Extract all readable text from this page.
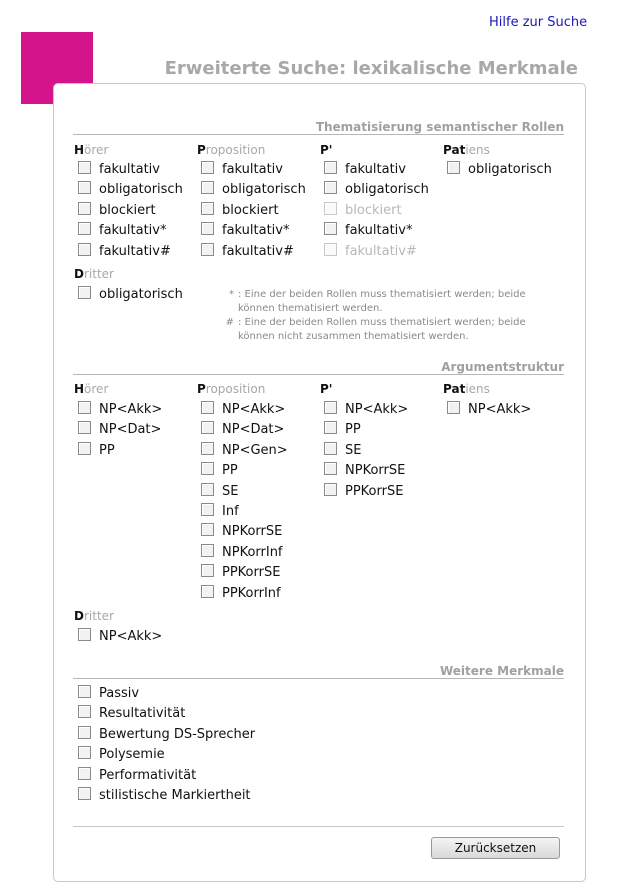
Hilfe zur Suche
Erweiterte Suche: lexikalische Merkmale
Thematisierung semantischer Rollen
Hörer
fakultativ
obligatorisch
blockiert
fakultativ*
fakultativ#
Proposition
fakultativ
obligatorisch
blockiert
fakultativ*
fakultativ#
P'
fakultativ
obligatorisch
blockiert
fakultativ*
fakultativ#
Patiens
obligatorisch
Dritter
obligatorisch	* : Eine der beiden Rollen muss thematisiert werden; beide können thematisiert werden.
# : Eine der beiden Rollen muss thematisiert werden; beide können nicht zusammen thematisiert werden.
Argumentstruktur
Hörer
NP<Akk>
NP<Dat>
PP
Proposition
NP<Akk>
NP<Dat>
NP<Gen>
PP
SE
Inf
NPKorrSE
NPKorrInf
PPKorrSE
PPKorrInf
P'
NP<Akk>
PP
SE
NPKorrSE
PPKorrSE
Patiens
NP<Akk>
Dritter
NP<Akk>
Weitere Merkmale
Passiv
Resultativität
Bewertung DS-Sprecher
Polysemie
Performativität
stilistische Markiertheit
Zurücksetzen
